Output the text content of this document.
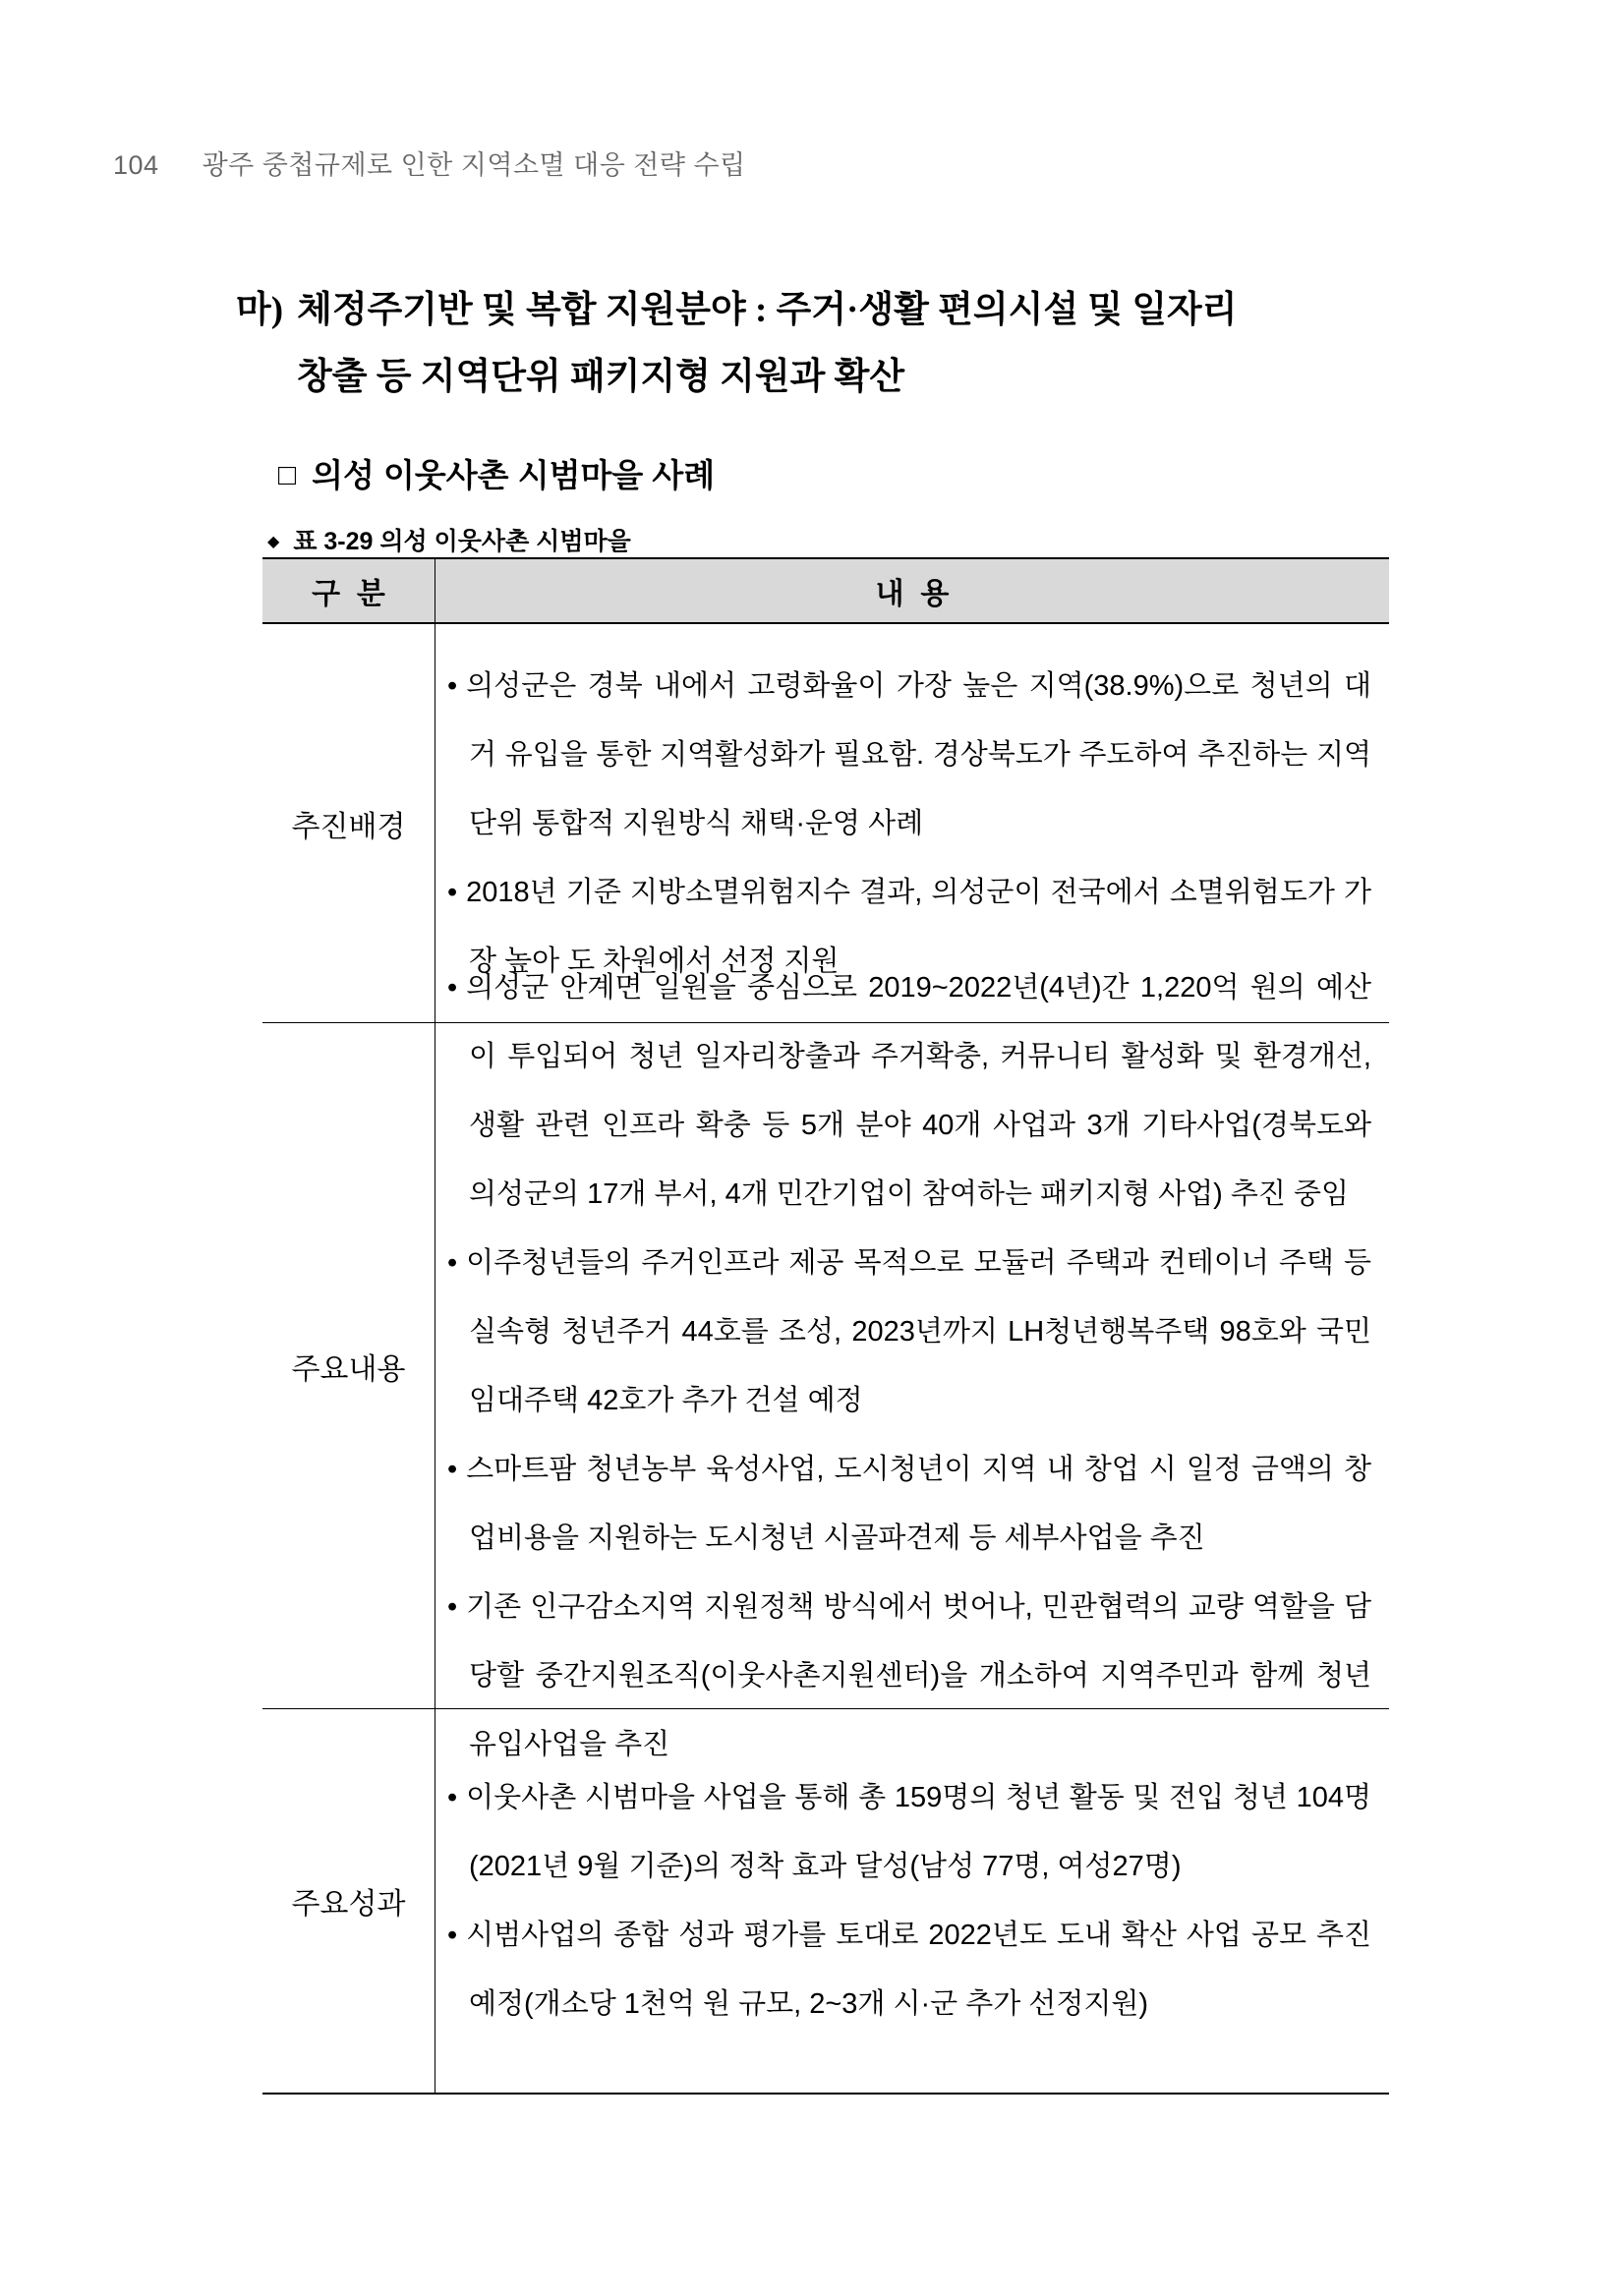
104 광주 중첩규제로 인한 지역소멸 대응 전략 수립
마) 체정주기반 및 복합 지원분야 : 주거·생활 편의시설 및 일자리
창출 등 지역단위 패키지형 지원과 확산
□ 의성 이웃사촌 시범마을 사례
◆ 표 3-29 의성 이웃사촌 시범마을
구  분	내  용
추진배경
• 의성군은 경북 내에서 고령화율이 가장 높은 지역(38.9%)으로 청년의 대거 유입을 통한 지역활성화가 필요함. 경상북도가 주도하여 추진하는 지역단위 통합적 지원방식 채택·운영 사례
• 2018년 기준 지방소멸위험지수 결과, 의성군이 전국에서 소멸위험도가 가장 높아 도 차원에서 선정 지원
주요내용
• 의성군 안계면 일원을 중심으로 2019~2022년(4년)간 1,220억 원의 예산이 투입되어 청년 일자리창출과 주거확충, 커뮤니티 활성화 및 환경개선, 생활 관련 인프라 확충 등 5개 분야 40개 사업과 3개 기타사업(경북도와 의성군의 17개 부서, 4개 민간기업이 참여하는 패키지형 사업) 추진 중임
• 이주청년들의 주거인프라 제공 목적으로 모듈러 주택과 컨테이너 주택 등 실속형 청년주거 44호를 조성, 2023년까지 LH청년행복주택 98호와 국민임대주택 42호가 추가 건설 예정
• 스마트팜 청년농부 육성사업, 도시청년이 지역 내 창업 시 일정 금액의 창업비용을 지원하는 도시청년 시골파견제 등 세부사업을 추진
• 기존 인구감소지역 지원정책 방식에서 벗어나, 민관협력의 교량 역할을 담당할 중간지원조직(이웃사촌지원센터)을 개소하여 지역주민과 함께 청년유입사업을 추진
주요성과
• 이웃사촌 시범마을 사업을 통해 총 159명의 청년 활동 및 전입 청년 104명(2021년 9월 기준)의 정착 효과 달성(남성 77명, 여성27명)
• 시범사업의 종합 성과 평가를 토대로 2022년도 도내 확산 사업 공모 추진 예정(개소당 1천억 원 규모, 2~3개 시·군 추가 선정지원)
